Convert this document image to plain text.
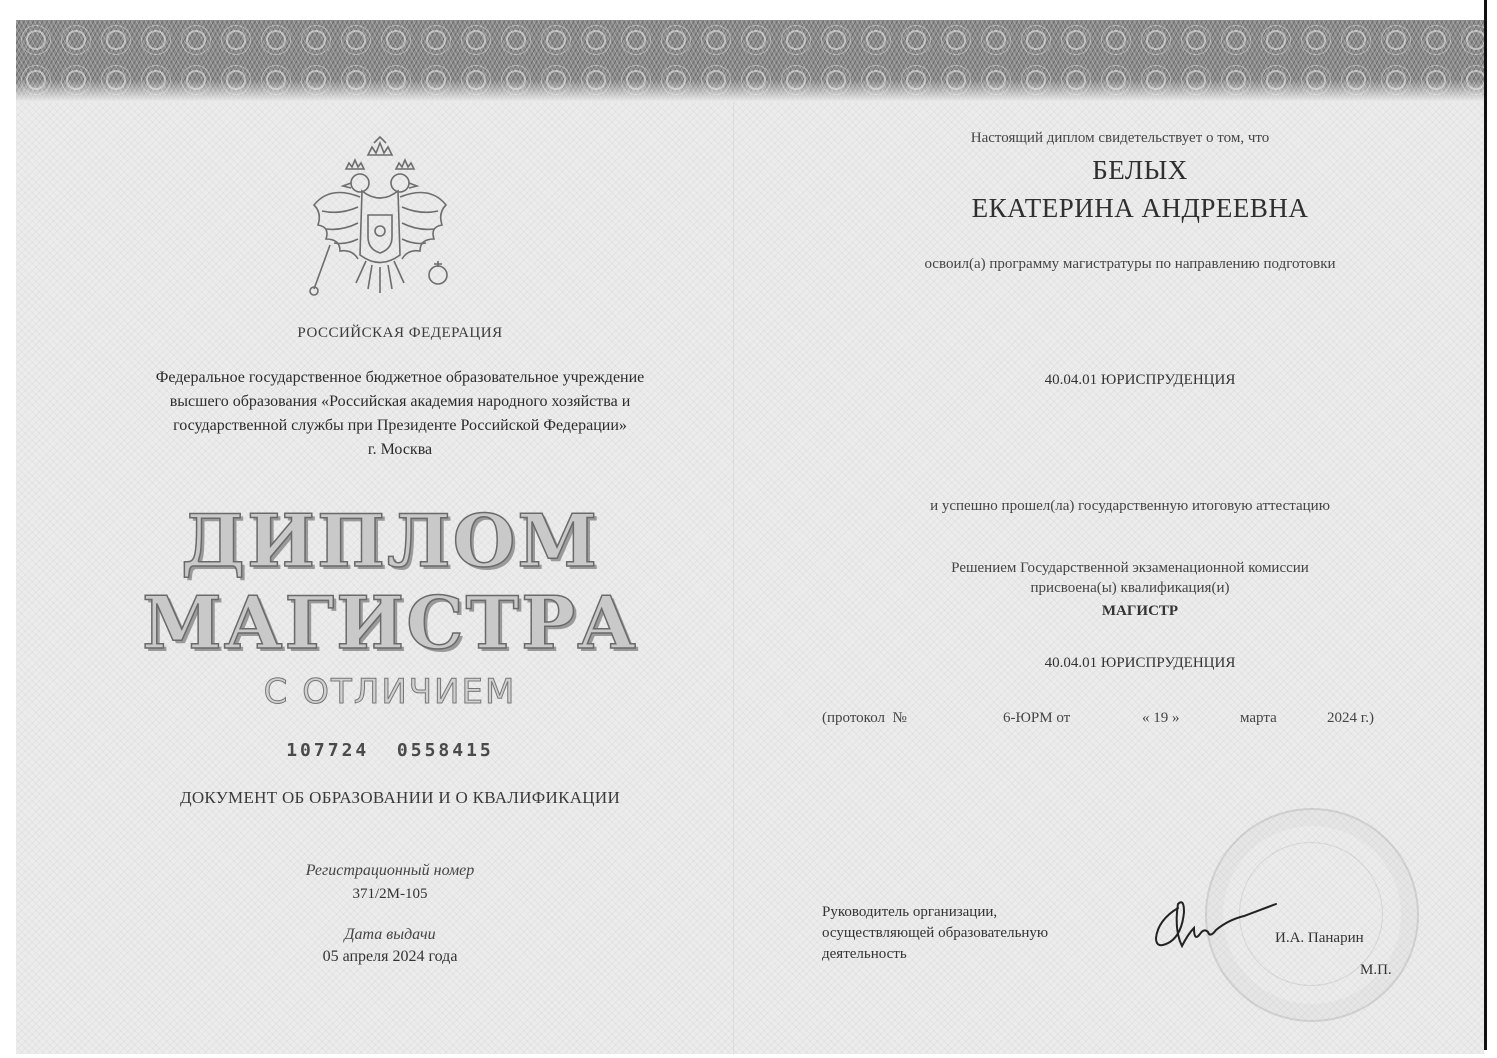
РОССИЙСКАЯ ФЕДЕРАЦИЯ
Федеральное государственное бюджетное образовательное учреждение
высшего образования «Российская академия народного хозяйства и
государственной службы при Президенте Российской Федерации»
г. Москва
ДИПЛОМ
МАГИСТРА
С ОТЛИЧИЕМ
107724  0558415
ДОКУМЕНТ ОБ ОБРАЗОВАНИИ И О КВАЛИФИКАЦИИ
Регистрационный номер
371/2М-105
Дата выдачи
05 апреля 2024 года
Настоящий диплом свидетельствует о том, что
БЕЛЫХ
ЕКАТЕРИНА АНДРЕЕВНА
освоил(а) программу магистратуры по направлению подготовки
40.04.01 ЮРИСПРУДЕНЦИЯ
и успешно прошел(ла) государственную итоговую аттестацию
Решением Государственной экзаменационной комиссии
присвоена(ы) квалификация(и)
МАГИСТР
40.04.01 ЮРИСПРУДЕНЦИЯ
(протокол  №	6-ЮРМ от	« 19 »	марта	2024 г.)
Руководитель организации,
осуществляющей образовательную
деятельность
И.А. Панарин
М.П.
